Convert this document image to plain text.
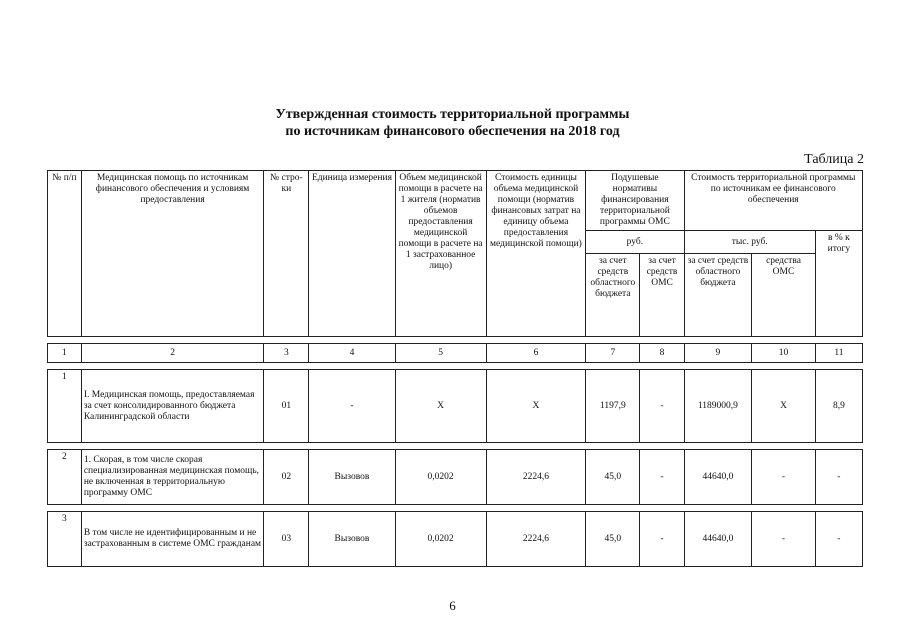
Утвержденная стоимость территориальной программы
по источникам финансового обеспечения на 2018 год
Таблица 2
№ п/п	Медицинская помощь по источникам финансового обеспечения и условиям предоставления	№ стро-ки	Единица измерения	Объем медицинской помощи в расчете на 1 жителя (норматив объемов предоставления медицинской помощи в расчете на 1 застрахованное лицо)	Стоимость единицы объема медицинской помощи (норматив финансовых затрат на единицу объема предоставления медицинской помощи)	Подушевые нормативы финансирования территориальной программы ОМС		Стоимость территориальной программы по источникам ее финансового обеспечения		
						руб.		тыс. руб.		в % к итогу
						за счет средств областного бюджета	за счет средств ОМС	за счет средств областного бюджета	средства ОМС	

1	2	3	4	5	6	7	8	9	10	11

1	I. Медицинская помощь, предоставляемая за счет консолидированного бюджета Калининградской области	01	-	Х	Х	1197,9	-	1189000,9	Х	8,9

2	1. Скорая, в том числе скорая специализированная медицинская помощь, не включенная в территориальную программу ОМС	02	Вызовов	0,0202	2224,6	45,0	-	44640,0	-	-

3	В том числе не идентифицированным и не застрахованным в системе ОМС гражданам	03	Вызовов	0,0202	2224,6	45,0	-	44640,0	-	-
6
